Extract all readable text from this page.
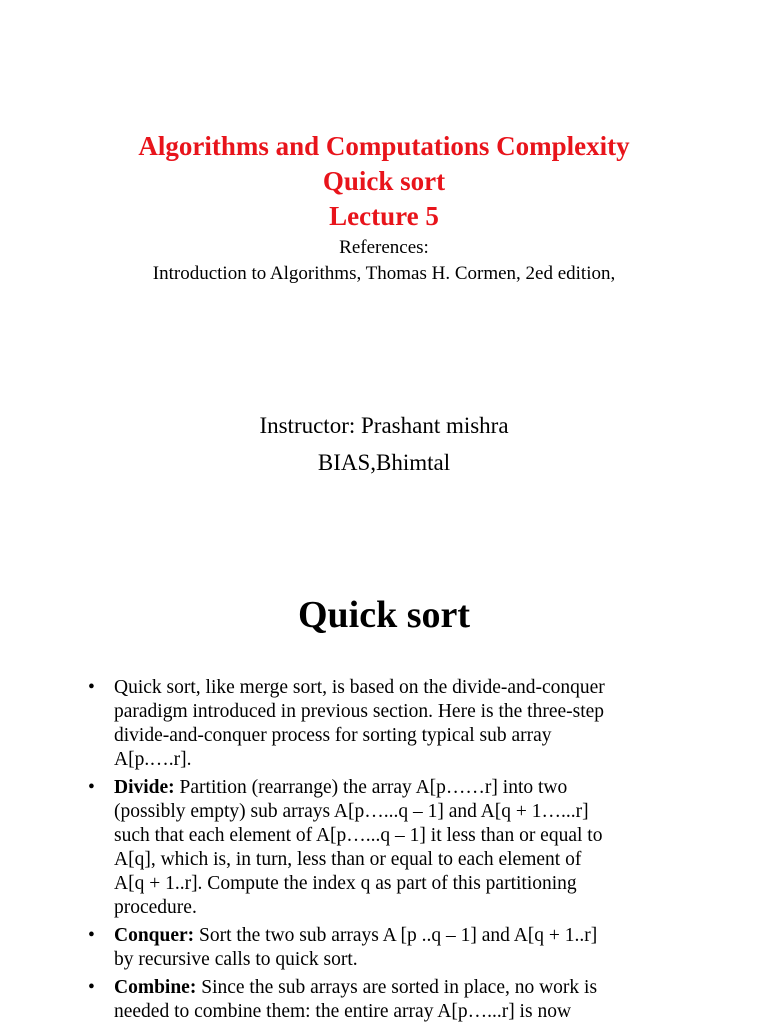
Algorithms and Computations Complexity
Quick sort
Lecture 5
References:
Introduction to Algorithms, Thomas H. Cormen, 2ed edition,
Instructor: Prashant mishra
BIAS,Bhimtal
Quick sort
• Quick sort, like merge sort, is based on the divide-and-conquer
paradigm introduced in previous section. Here is the three-step
divide-and-conquer process for sorting typical sub array
A[p.….r].
• Divide: Partition (rearrange) the array A[p……r] into two
(possibly empty) sub arrays A[p…...q – 1] and A[q + 1…...r]
such that each element of A[p…...q – 1] it less than or equal to
A[q], which is, in turn, less than or equal to each element of
A[q + 1..r]. Compute the index q as part of this partitioning
procedure.
• Conquer: Sort the two sub arrays A [p ..q – 1] and A[q + 1..r]
by recursive calls to quick sort.
• Combine: Since the sub arrays are sorted in place, no work is
needed to combine them: the entire array A[p…...r] is now
